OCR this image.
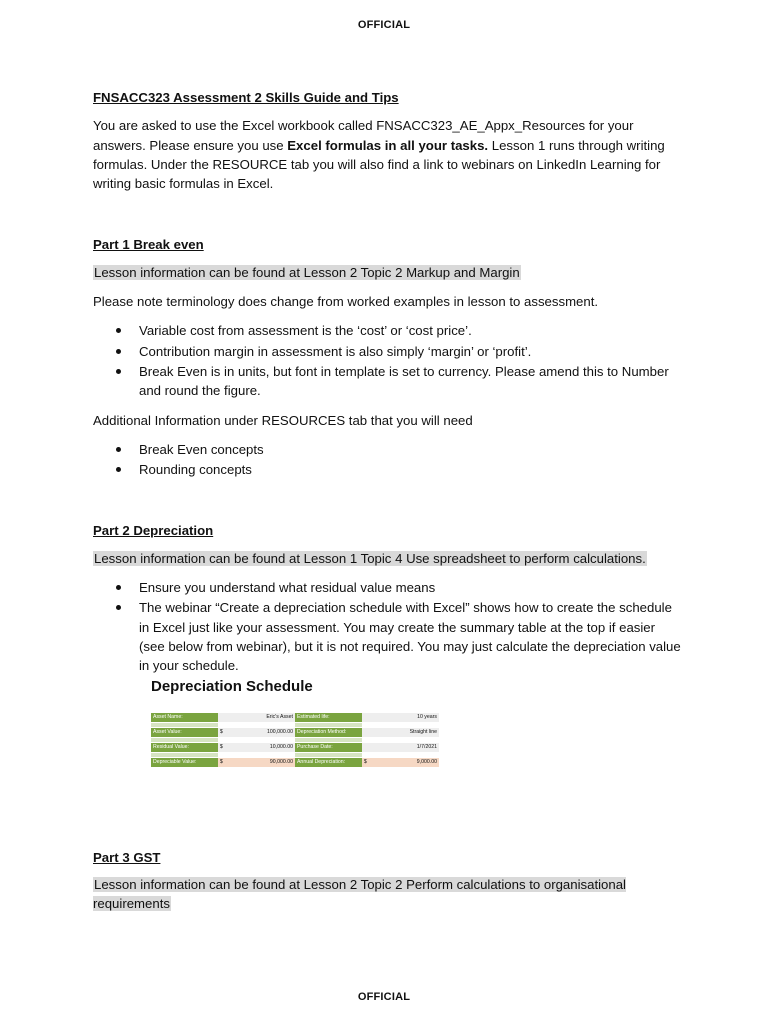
OFFICIAL
FNSACC323 Assessment 2 Skills Guide and Tips

You are asked to use the Excel workbook called FNSACC323_AE_Appx_Resources for your answers. Please ensure you use Excel formulas in all your tasks. Lesson 1 runs through writing formulas. Under the RESOURCE tab you will also find a link to webinars on LinkedIn Learning for writing basic formulas in Excel.

Part 1 Break even

Lesson information can be found at Lesson 2 Topic 2 Markup and Margin

Please note terminology does change from worked examples in lesson to assessment.

Variable cost from assessment is the ‘cost’ or ‘cost price’.
Contribution margin in assessment is also simply ‘margin’ or ‘profit’.
Break Even is in units, but font in template is set to currency. Please amend this to Number and round the figure.

Additional Information under RESOURCES tab that you will need

Break Even concepts
Rounding concepts
Part 2 Depreciation

Lesson information can be found at Lesson 1 Topic 4 Use spreadsheet to perform calculations.

Ensure you understand what residual value means
The webinar “Create a depreciation schedule with Excel” shows how to create the schedule in Excel just like your assessment. You may create the summary table at the top if easier (see below from webinar), but it is not required. You may just calculate the depreciation value in your schedule.
Depreciation Schedule
Asset Name:		Eric's Asset	Estimated life:		10 years

Asset Value:	$	100,000.00	Depreciation Method:		Straight line

Residual Value:	$	10,000.00	Purchase Date:		1/7/2021

Depreciable Value:	$	90,000.00	Annual Depreciation:	$	9,000.00
Part 3 GST

Lesson information can be found at Lesson 2 Topic 2 Perform calculations to organisational requirements

OFFICIAL
